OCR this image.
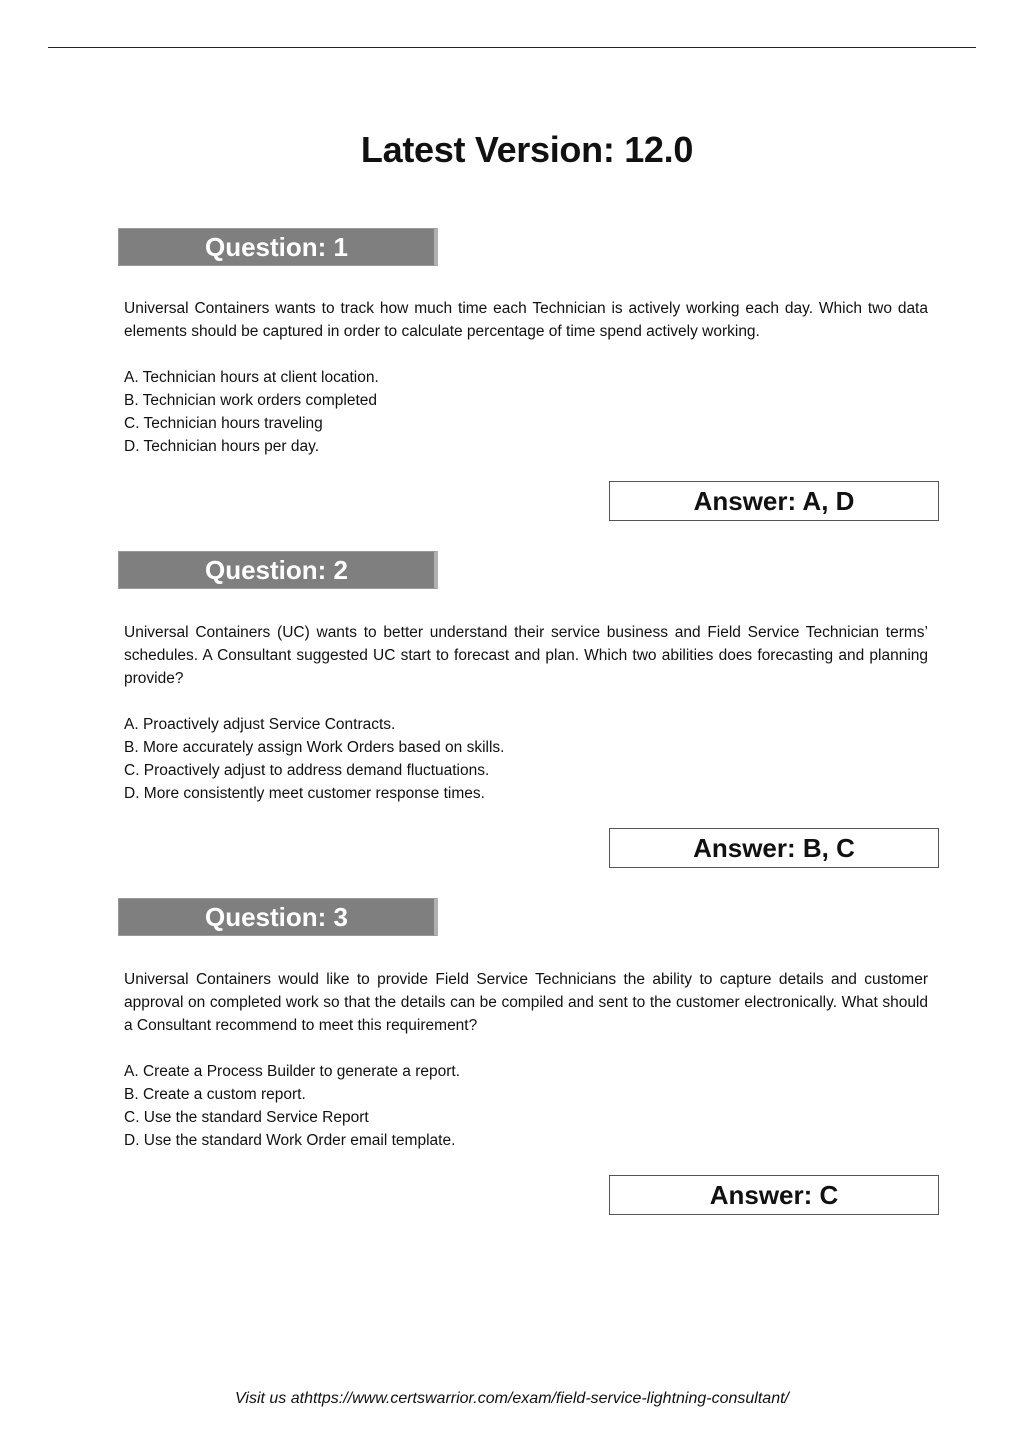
Latest Version: 12.0
Question: 1

Universal Containers wants to track how much time each Technician is actively working each day. Which two data elements should be captured in order to calculate percentage of time spend actively working.

A. Technician hours at client location.
B. Technician work orders completed
C. Technician hours traveling
D. Technician hours per day.
Answer: A, D
Question: 2

Universal Containers (UC) wants to better understand their service business and Field Service Technician terms’ schedules. A Consultant suggested UC start to forecast and plan. Which two abilities does forecasting and planning provide?

A. Proactively adjust Service Contracts.
B. More accurately assign Work Orders based on skills.
C. Proactively adjust to address demand fluctuations.
D. More consistently meet customer response times.
Answer: B, C
Question: 3

Universal Containers would like to provide Field Service Technicians the ability to capture details and customer approval on completed work so that the details can be compiled and sent to the customer electronically. What should a Consultant recommend to meet this requirement?

A. Create a Process Builder to generate a report.
B. Create a custom report.
C. Use the standard Service Report
D. Use the standard Work Order email template.
Answer: C
Visit us athttps://www.certswarrior.com/exam/field-service-lightning-consultant/
